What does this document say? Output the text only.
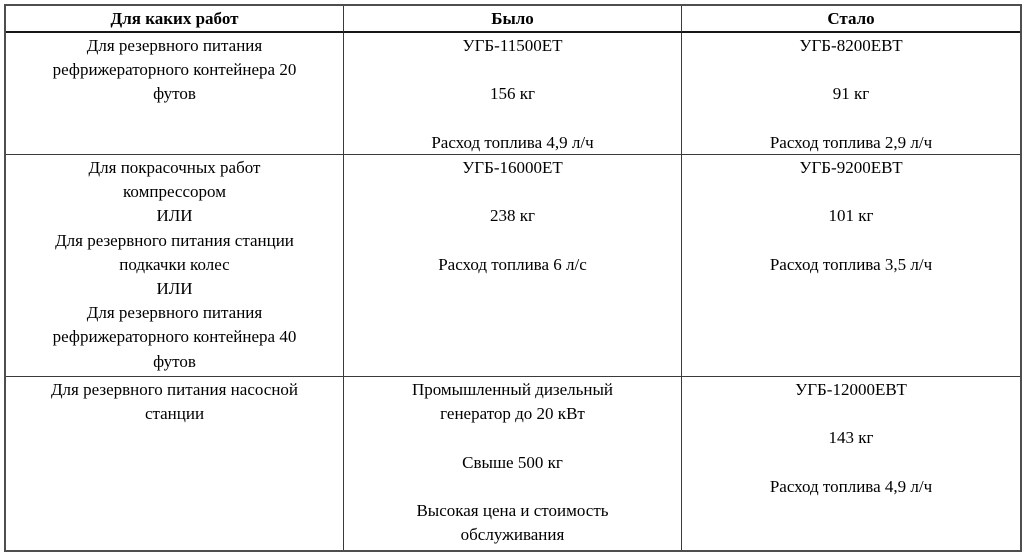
Для каких работ	Было	Стало
Для резервного питания
рефрижераторного контейнера 20
футов
УГБ-11500ЕТ
156 кг
Расход топлива 4,9 л/ч
УГБ-8200ЕВТ
91 кг
Расход топлива 2,9 л/ч
Для покрасочных работ
компрессором
ИЛИ
Для резервного питания станции
подкачки колес
ИЛИ
Для резервного питания
рефрижераторного контейнера 40
футов
УГБ-16000ЕТ
238 кг
Расход топлива 6 л/с
УГБ-9200ЕВТ
101 кг
Расход топлива 3,5 л/ч
Для резервного питания насосной
станции
Промышленный дизельный
генератор до 20 кВт
Свыше 500 кг
Высокая цена и стоимость
обслуживания
УГБ-12000ЕВТ
143 кг
Расход топлива 4,9 л/ч
